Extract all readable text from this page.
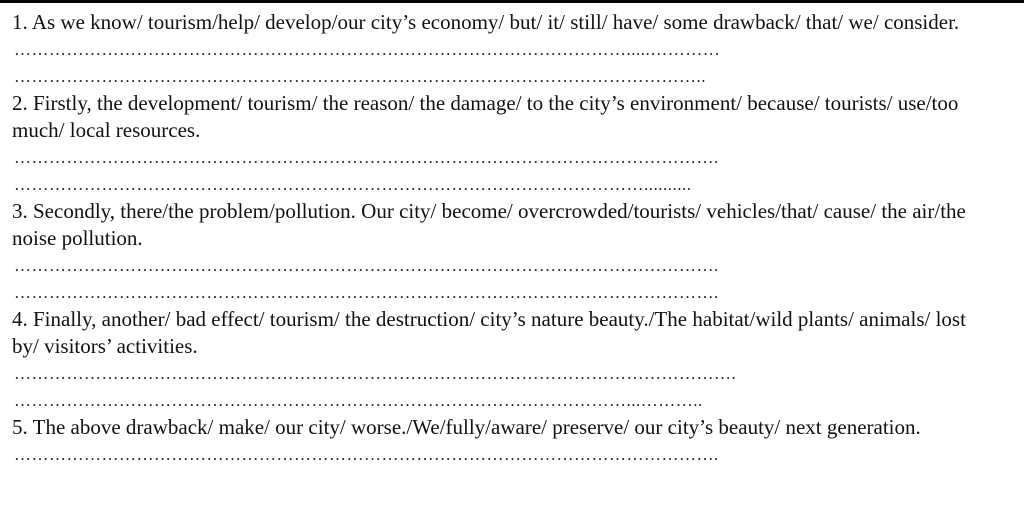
1. As we know/ tourism/help/ develop/our city’s economy/ but/ it/ still/ have/ some drawback/ that/ we/ consider.

…………………………………………………………………………………………….....…………
………………………………………………………………………………………………………..

2. Firstly, the development/ tourism/ the reason/ the damage/ to the city’s environment/ because/ tourists/ use/too much/ local resources.

………………………………………………………………………………………………………….
………………………………………………………………………………………………..........

3. Secondly, there/the problem/pollution. Our city/ become/ overcrowded/tourists/ vehicles/that/ cause/ the air/the noise pollution.

………………………………………………………………………………………………………….
………………………………………………………………………………………………………….

4. Finally, another/ bad effect/ tourism/ the destruction/ city’s nature beauty./The habitat/wild plants/ animals/ lost by/ visitors’ activities.

…………………………………………………………………………………………………………….
……………………………………………………………………………………………...………..

5. The above drawback/ make/ our city/ worse./We/fully/aware/ preserve/ our city’s beauty/ next generation.

………………………………………………………………………………………………………….
